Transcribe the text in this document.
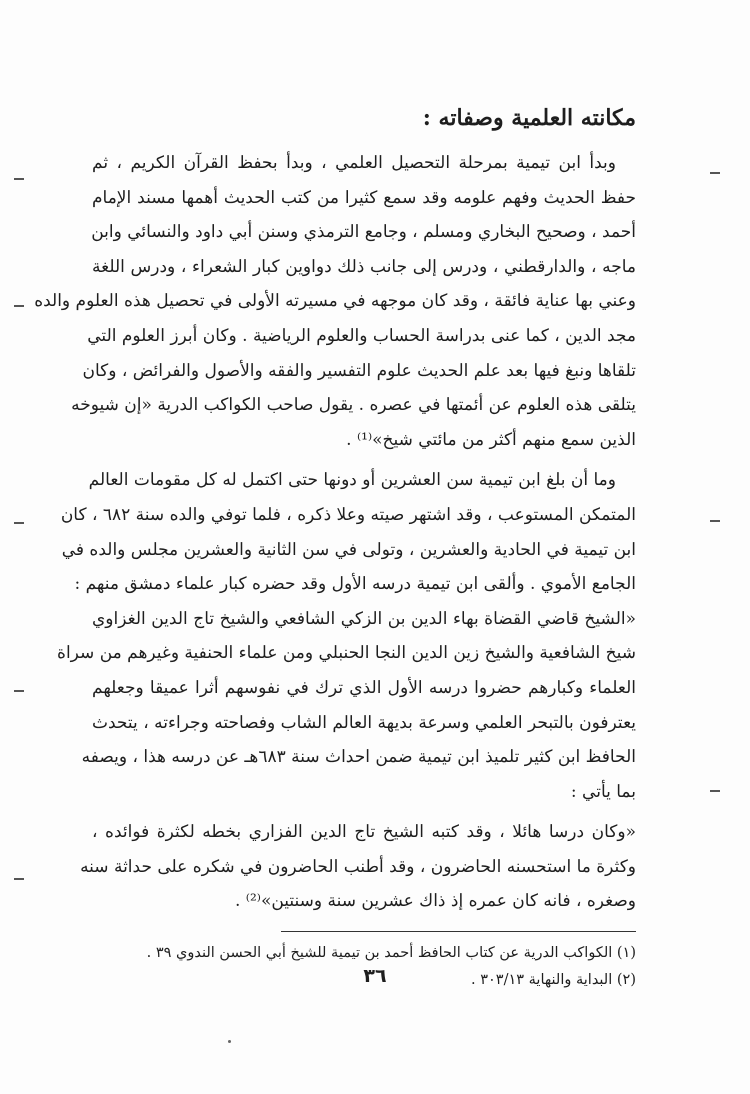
مكانته العلمية وصفاته :
وبدأ ابن تيمية بمرحلة التحصيل العلمي ، وبدأ بحفظ القرآن الكريم ، ثم
حفظ الحديث وفهم علومه وقد سمع كثيرا من كتب الحديث أهمها مسند الإمام
أحمد ، وصحيح البخاري ومسلم ، وجامع الترمذي وسنن أبي داود والنسائي وابن
ماجه ، والدارقطني ، ودرس إلى جانب ذلك دواوين كبار الشعراء ، ودرس اللغة
وعني بها عناية فائقة ، وقد كان موجهه في مسيرته الأولى في تحصيل هذه العلوم والده
مجد الدين ، كما عنى بدراسة الحساب والعلوم الرياضية . وكان أبرز العلوم التي
تلقاها ونبغ فيها بعد علم الحديث علوم التفسير والفقه والأصول والفرائض ، وكان
يتلقى هذه العلوم عن أئمتها في عصره . يقول صاحب الكواكب الدرية «إن شيوخه
الذين سمع منهم أكثر من مائتي شيخ»⁽¹⁾ .
وما أن بلغ ابن تيمية سن العشرين أو دونها حتى اكتمل له كل مقومات العالم
المتمكن المستوعب ، وقد اشتهر صيته وعلا ذكره ، فلما توفي والده سنة ٦٨٢ ، كان
ابن تيمية في الحادية والعشرين ، وتولى في سن الثانية والعشرين مجلس والده في
الجامع الأموي . وألقى ابن تيمية درسه الأول وقد حضره كبار علماء دمشق منهم :
«الشيخ قاضي القضاة بهاء الدين بن الزكي الشافعي والشيخ تاج الدين الغزاوي
شيخ الشافعية والشيخ زين الدين النجا الحنبلي ومن علماء الحنفية وغيرهم من سراة
العلماء وكبارهم حضروا درسه الأول الذي ترك في نفوسهم أثرا عميقا وجعلهم
يعترفون بالتبحر العلمي وسرعة بديهة العالم الشاب وفصاحته وجراءته ، يتحدث
الحافظ ابن كثير تلميذ ابن تيمية ضمن احداث سنة ٦٨٣هـ عن درسه هذا ، ويصفه
بما يأتي :
«وكان درسا هائلا ، وقد كتبه الشيخ تاج الدين الفزاري بخطه لكثرة فوائده ،
وكثرة ما استحسنه الحاضرون ، وقد أطنب الحاضرون في شكره على حداثة سنه
وصغره ، فانه كان عمره إذ ذاك عشرين سنة وسنتين»⁽²⁾ .
(١) الكواكب الدرية عن كتاب الحافظ أحمد بن تيمية للشيخ أبي الحسن الندوي ٣٩ .
(٢) البداية والنهاية ٣٠٣/١٣ .
٣٦
